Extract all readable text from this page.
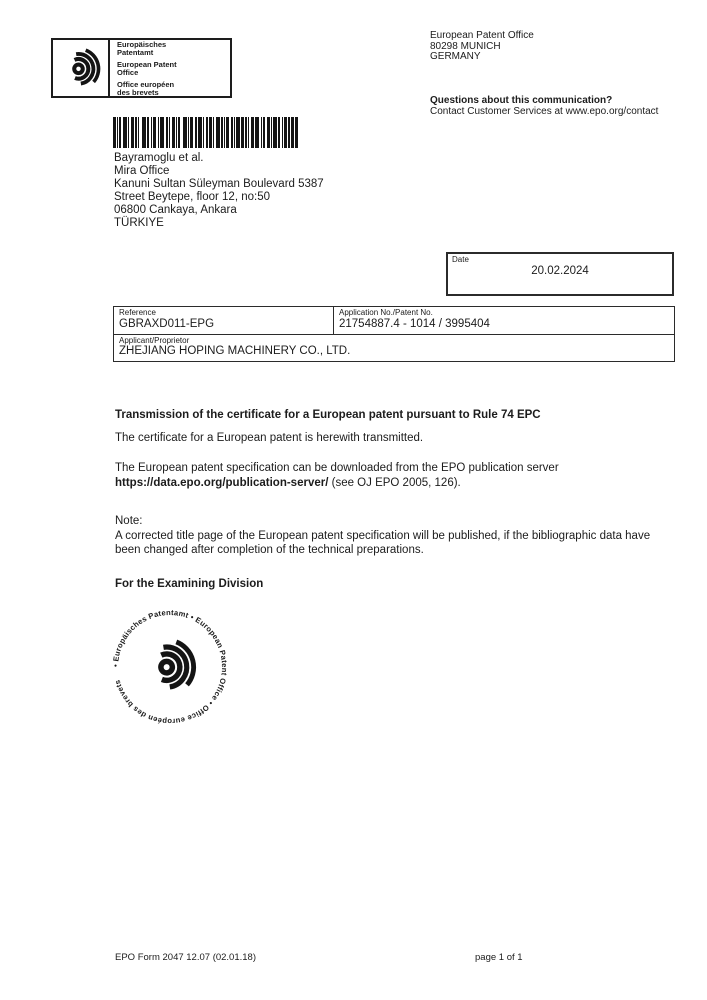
Europäisches Patentamt
European Patent Office
Office européen des brevets
European Patent Office
80298 MUNICH
GERMANY
Questions about this communication?
Contact Customer Services at www.epo.org/contact
Bayramoglu et al.
Mira Office
Kanuni Sultan Süleyman Boulevard 5387
Street Beytepe, floor 12, no:50
06800 Cankaya, Ankara
TÜRKIYE
Date
20.02.2024
Reference
GBRAXD011-EPG
Application No./Patent No.
21754887.4 - 1014 / 3995404
Applicant/Proprietor
ZHEJIANG HOPING MACHINERY CO., LTD.
Transmission of the certificate for a European patent pursuant to Rule 74 EPC
The certificate for a European patent is herewith transmitted.
The European patent specification can be downloaded from the EPO publication server
https://data.epo.org/publication-server/ (see OJ EPO 2005, 126).
Note:
A corrected title page of the European patent specification will be published, if the bibliographic data have been changed after completion of the technical preparations.
For the Examining Division
• Europäisches Patentamt • European Patent Office • Office européen des brevets
EPO Form 2047 12.07 (02.01.18)	page 1 of 1
